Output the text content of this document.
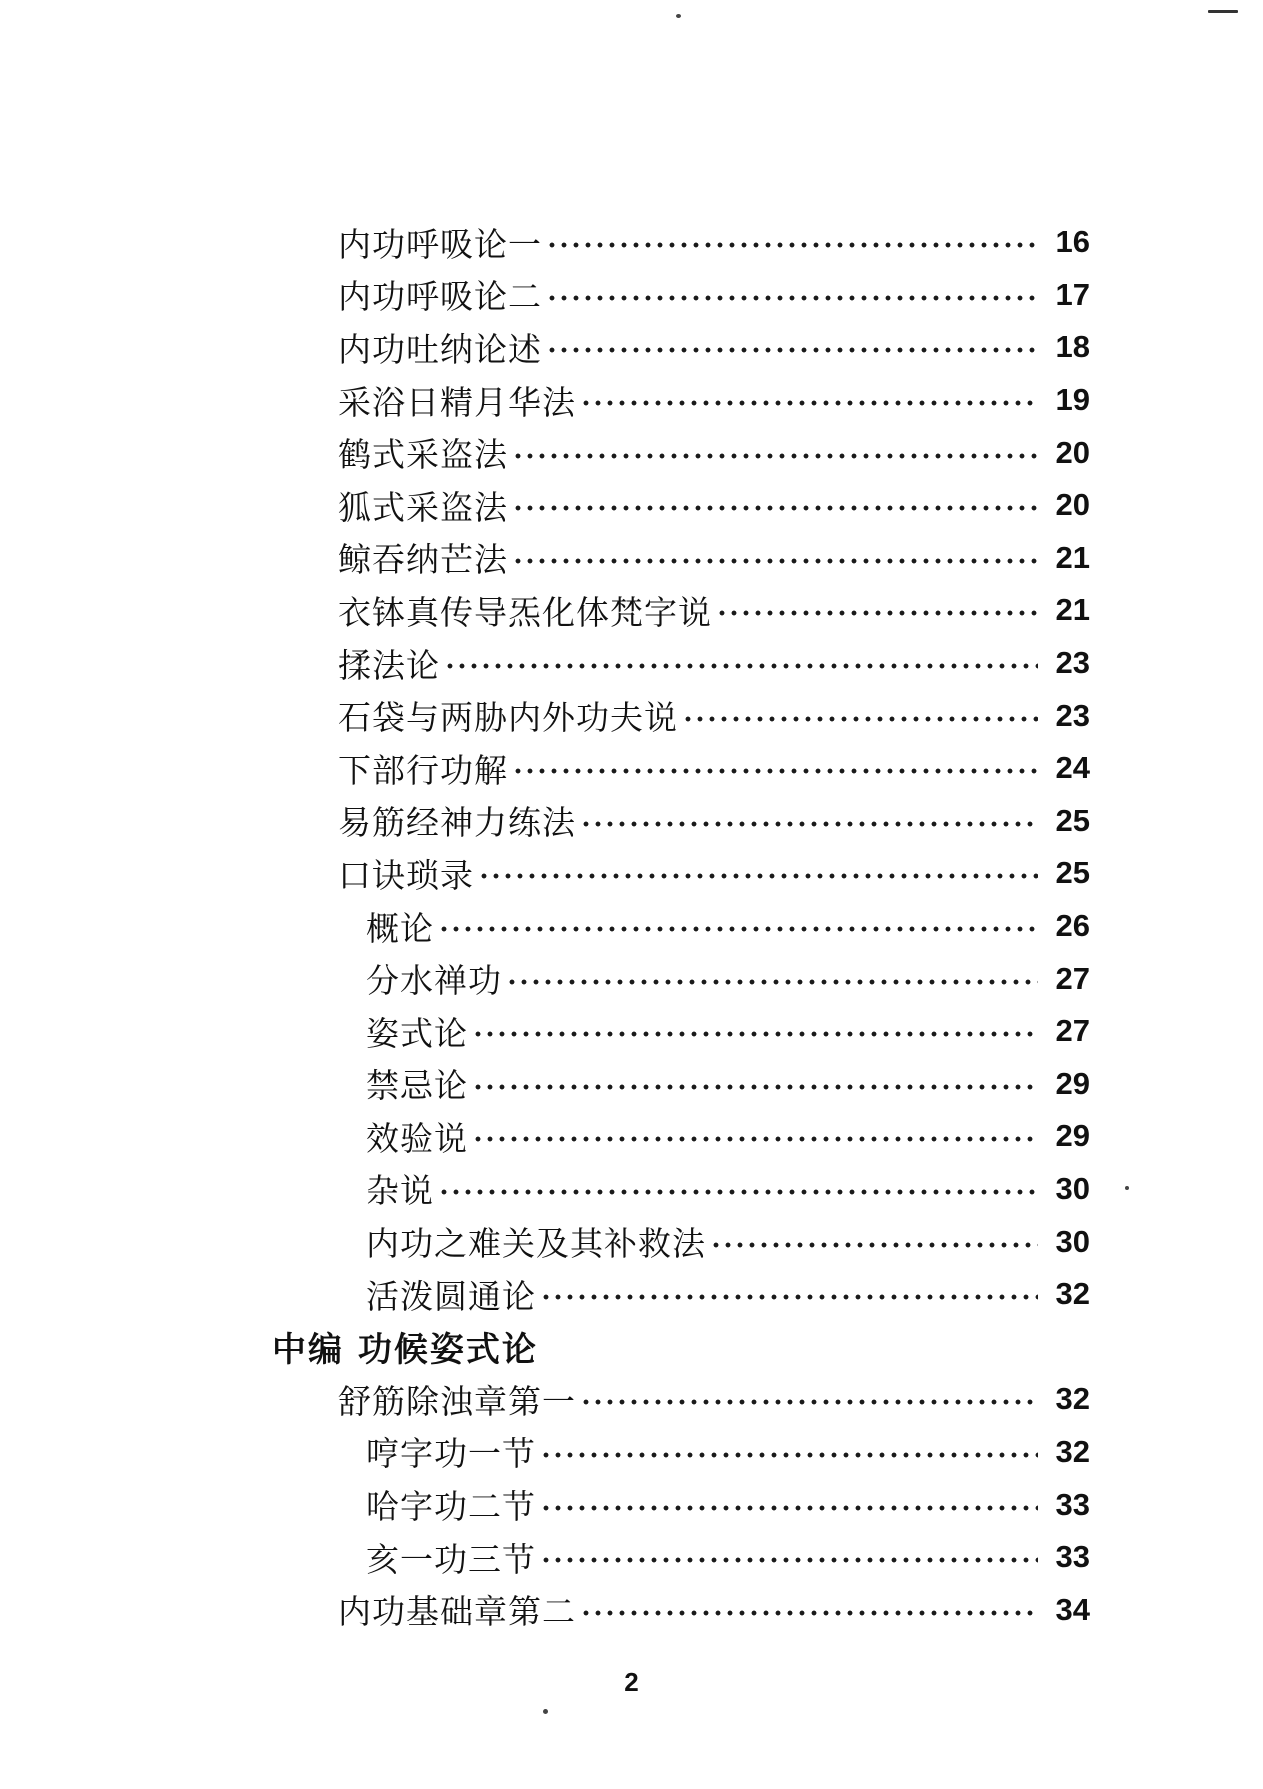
内功呼吸论一	16
内功呼吸论二	17
内功吐纳论述	18
采浴日精月华法	19
鹤式采盗法	20
狐式采盗法	20
鲸吞纳芒法	21
衣钵真传导炁化体梵字说	21
揉法论	23
石袋与两胁内外功夫说	23
下部行功解	24
易筋经神力练法	25
口诀琐录	25
概论	26
分水禅功	27
姿式论	27
禁忌论	29
效验说	29
杂说	30
内功之难关及其补救法	30
活泼圆通论	32
中编 功候姿式论
舒筋除浊章第一	32
哼字功一节	32
哈字功二节	33
亥一功三节	33
内功基础章第二	34
2
